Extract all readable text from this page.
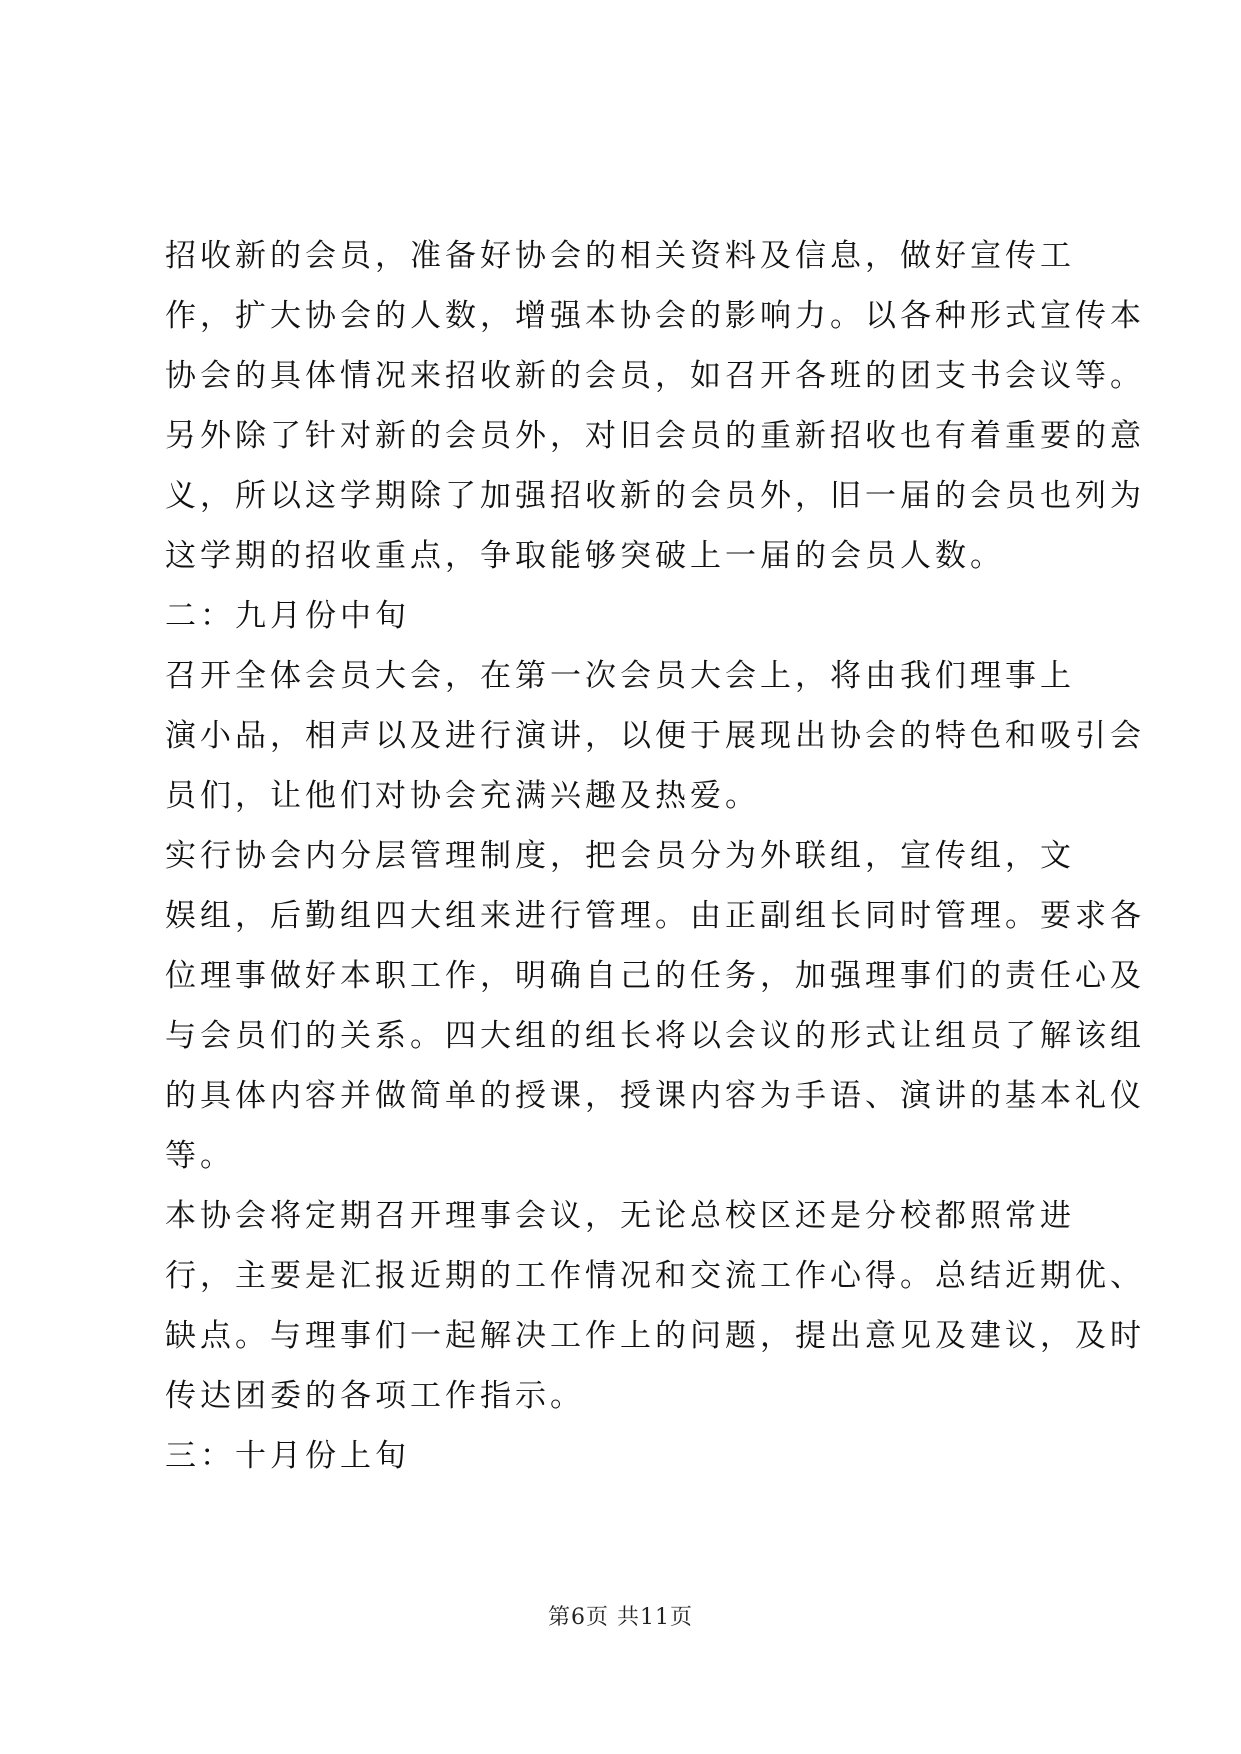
招收新的会员，准备好协会的相关资料及信息，做好宣传工
作，扩大协会的人数，增强本协会的影响力。以各种形式宣传本
协会的具体情况来招收新的会员，如召开各班的团支书会议等。
另外除了针对新的会员外，对旧会员的重新招收也有着重要的意
义，所以这学期除了加强招收新的会员外，旧一届的会员也列为
这学期的招收重点，争取能够突破上一届的会员人数。
二：九月份中旬
召开全体会员大会，在第一次会员大会上，将由我们理事上
演小品，相声以及进行演讲，以便于展现出协会的特色和吸引会
员们，让他们对协会充满兴趣及热爱。
实行协会内分层管理制度，把会员分为外联组，宣传组，文
娱组，后勤组四大组来进行管理。由正副组长同时管理。要求各
位理事做好本职工作，明确自己的任务，加强理事们的责任心及
与会员们的关系。四大组的组长将以会议的形式让组员了解该组
的具体内容并做简单的授课，授课内容为手语、演讲的基本礼仪
等。
本协会将定期召开理事会议，无论总校区还是分校都照常进
行，主要是汇报近期的工作情况和交流工作心得。总结近期优、
缺点。与理事们一起解决工作上的问题，提出意见及建议，及时
传达团委的各项工作指示。
三：十月份上旬
第6页 共11页
